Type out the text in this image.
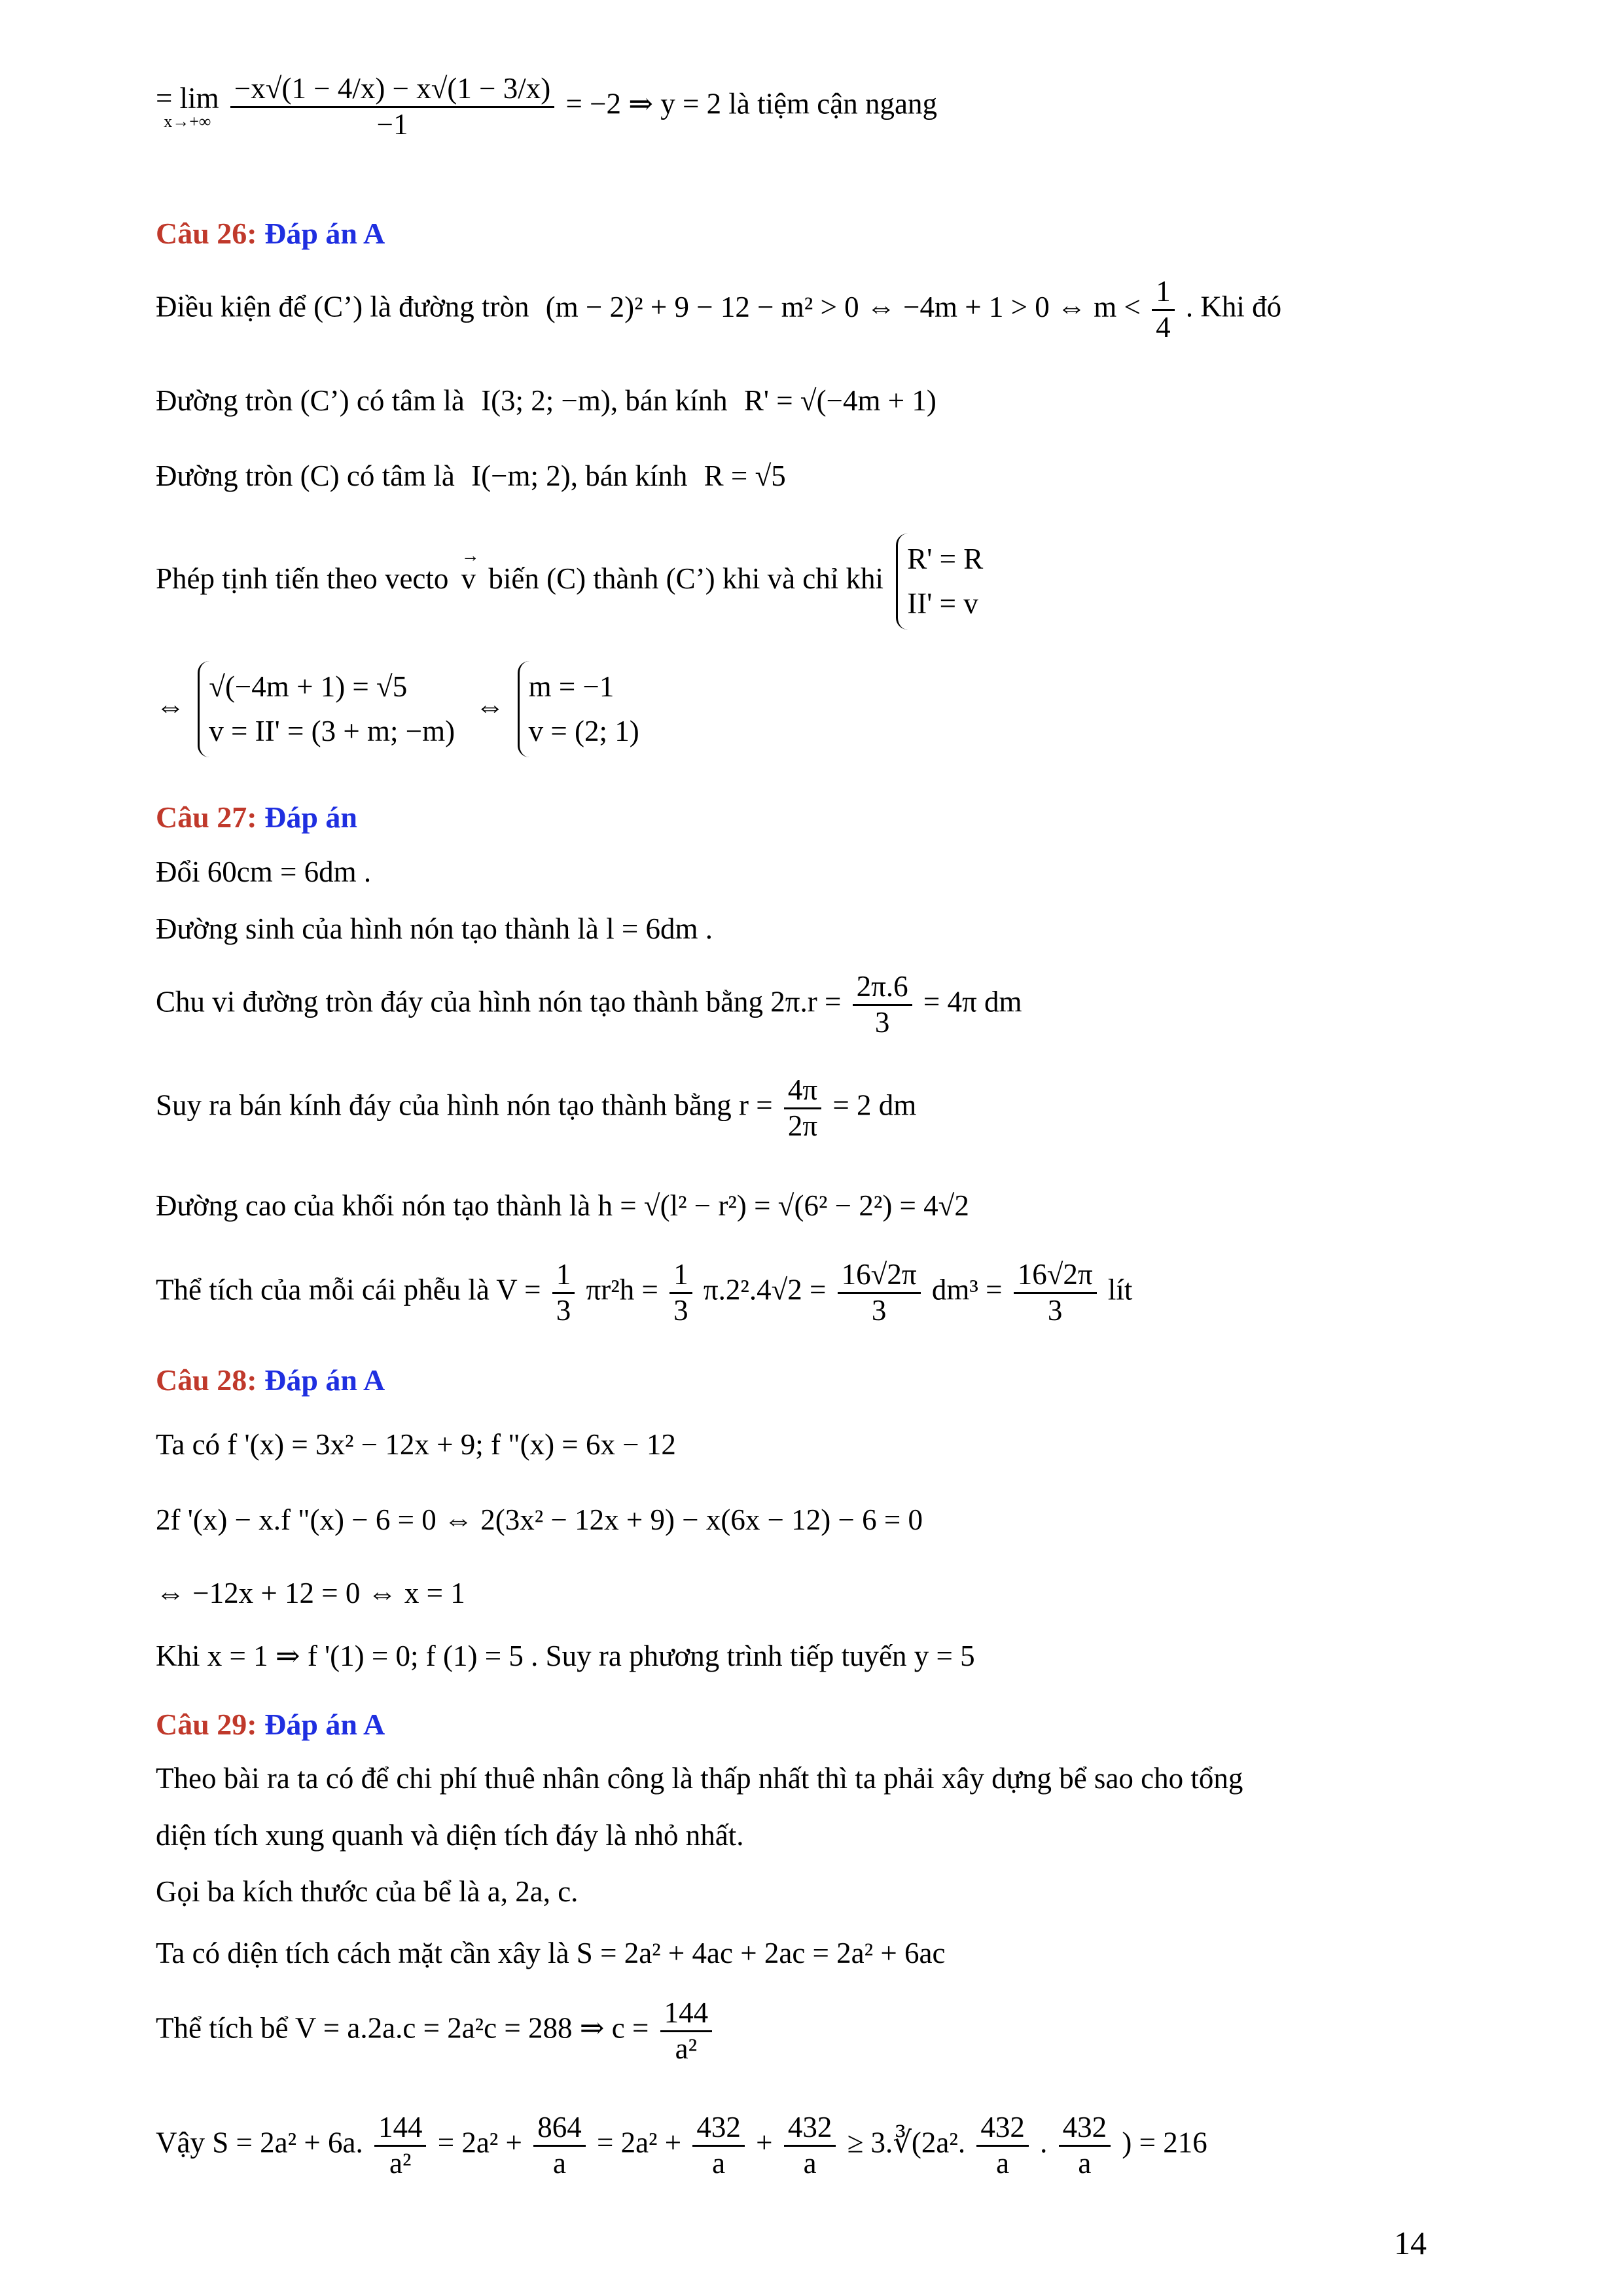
= lim
x→+∞
$\frac{-x√(1 - 4/x) - x√(1 - 3/x)}{-1} = -2$ ⇒ y = 2 là tiệm cận ngang
Câu 26: Đáp án A
Điều kiện để (C’) là đường tròn (m − 2)² + 9 − 12 − m² > 0 ⇔ −4m + 1 > 0 ⇔ $m < \frac{1}{4}$ . Khi đó
Đường tròn (C’) có tâm là I(3; 2; −m), bán kính R' = √(−4m + 1)
Đường tròn (C) có tâm là I(−m; 2), bán kính R = √5
Phép tịnh tiến theo vecto → v biến (C) thành (C’) khi và chỉ khi
R' = R
II' = v
⇔
√(−4m + 1) = √5
v = II' = (3 + m; −m)
⇔
m = −1
v = (2; 1)
Câu 27: Đáp án
Đổi 60cm = 6dm .
Đường sinh của hình nón tạo thành là l = 6dm .
Chu vi đường tròn đáy của hình nón tạo thành bằng $2\pi.r = \frac{2\pi.6}{3} = 4\pi$ dm
Suy ra bán kính đáy của hình nón tạo thành bằng $r = \frac{4\pi}{2\pi} = 2$ dm
Đường cao của khối nón tạo thành là h = √(l² − r²) = √(6² − 2²) = 4√2
Thể tích của mỗi cái phễu là $V = \frac{1}{3} \pi r^2h = \frac{1}{3} \pi.2^2.4√2 = \frac{16√2\pi}{3} dm^3 = \frac{16√2\pi}{3}$ lít
Câu 28: Đáp án A
Ta có f '(x) = 3x² − 12x + 9; f "(x) = 6x − 12
2f '(x) − x.f "(x) − 6 = 0 ⇔ 2(3x² − 12x + 9) − x(6x − 12) − 6 = 0
⇔ −12x + 12 = 0 ⇔ x = 1
Khi x = 1 ⇒ f '(1) = 0; f (1) = 5 . Suy ra phương trình tiếp tuyến y = 5
Câu 29: Đáp án A
Theo bài ra ta có để chi phí thuê nhân công là thấp nhất thì ta phải xây dựng bể sao cho tổng
diện tích xung quanh và diện tích đáy là nhỏ nhất.
Gọi ba kích thước của bể là a, 2a, c.
Ta có diện tích cách mặt cần xây là S = 2a² + 4ac + 2ac = 2a² + 6ac
Thể tích bể V = a.2a.c = 2a²c = 288 ⇒ $c = \frac{144}{\text{a²}}$
Vậy S = 2a² + 6a. $\frac{144}{\text{a²}} = 2a^2 + \frac{864}{a} = 2a^2 + \frac{432}{a} + \frac{432}{a}$ ≥ 3.∛(2a². $\frac{432}{a}$ . $\frac{432}{a}$ ) = 216
14
